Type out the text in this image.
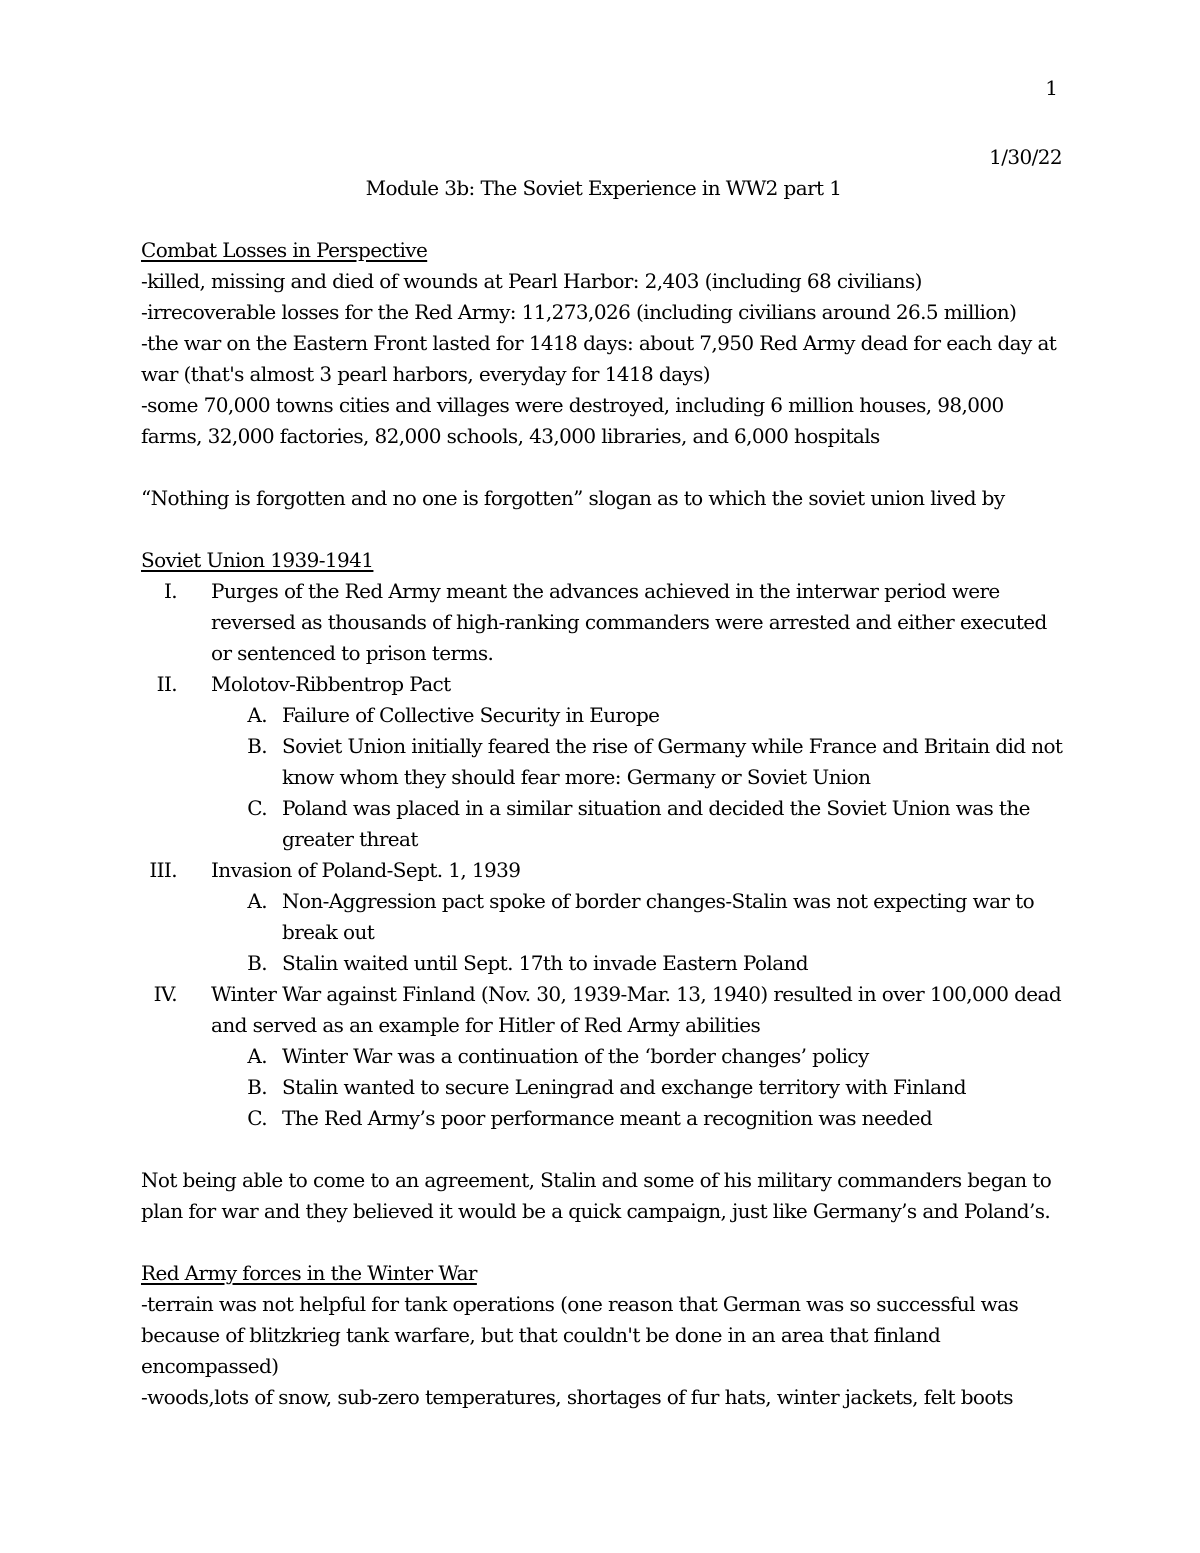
1
1/30/22
Module 3b: The Soviet Experience in WW2 part 1
Combat Losses in Perspective
-killed, missing and died of wounds at Pearl Harbor: 2,403 (including 68 civilians)
-irrecoverable losses for the Red Army: 11,273,026 (including civilians around 26.5 million)
-the war on the Eastern Front lasted for 1418 days: about 7,950 Red Army dead for each day at war (that's almost 3 pearl harbors, everyday for 1418 days)
-some 70,000 towns cities and villages were destroyed, including 6 million houses, 98,000 farms, 32,000 factories, 82,000 schools, 43,000 libraries, and 6,000 hospitals
“Nothing is forgotten and no one is forgotten” slogan as to which the soviet union lived by
Soviet Union 1939-1941
I. Purges of the Red Army meant the advances achieved in the interwar period were reversed as thousands of high-ranking commanders were arrested and either executed or sentenced to prison terms.
II. Molotov-Ribbentrop Pact
A. Failure of Collective Security in Europe
B. Soviet Union initially feared the rise of Germany while France and Britain did not know whom they should fear more: Germany or Soviet Union
C. Poland was placed in a similar situation and decided the Soviet Union was the greater threat
III. Invasion of Poland-Sept. 1, 1939
A. Non-Aggression pact spoke of border changes-Stalin was not expecting war to break out
B. Stalin waited until Sept. 17th to invade Eastern Poland
IV. Winter War against Finland (Nov. 30, 1939-Mar. 13, 1940) resulted in over 100,000 dead and served as an example for Hitler of Red Army abilities
A. Winter War was a continuation of the ‘border changes’ policy
B. Stalin wanted to secure Leningrad and exchange territory with Finland
C. The Red Army’s poor performance meant a recognition was needed
Not being able to come to an agreement, Stalin and some of his military commanders began to plan for war and they believed it would be a quick campaign, just like Germany’s and Poland’s.
Red Army forces in the Winter War
-terrain was not helpful for tank operations (one reason that German was so successful was because of blitzkrieg tank warfare, but that couldn't be done in an area that finland encompassed)
-woods,lots of snow, sub-zero temperatures, shortages of fur hats, winter jackets, felt boots
